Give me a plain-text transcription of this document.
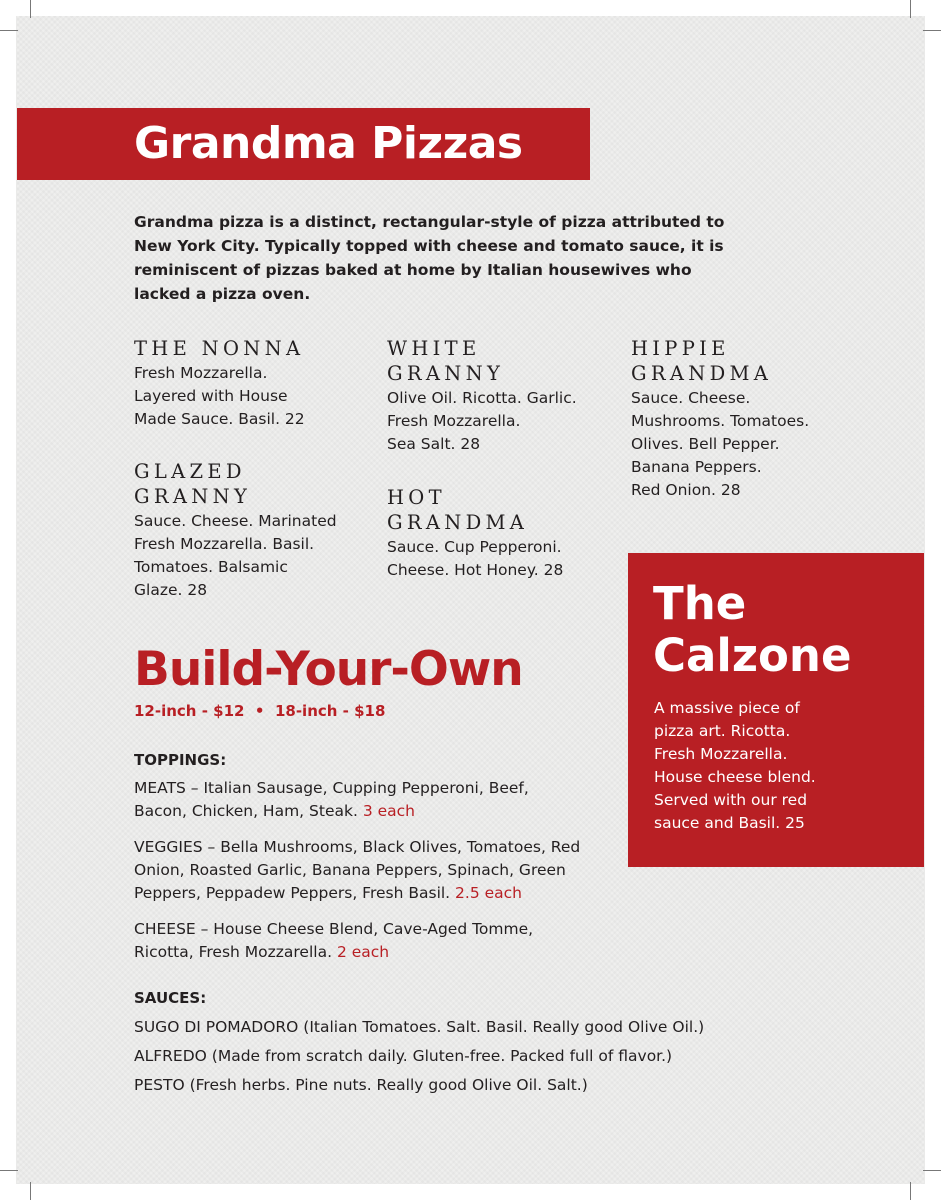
Grandma Pizzas

Grandma pizza is a distinct, rectangular-style of pizza attributed to New York City. Typically topped with cheese and tomato sauce, it is reminiscent of pizzas baked at home by Italian housewives who lacked a pizza oven.

THE NONNA
Fresh Mozzarella.
Layered with House
Made Sauce. Basil. 22
GLAZED
GRANNY
Sauce. Cheese. Marinated
Fresh Mozzarella. Basil.
Tomatoes. Balsamic
Glaze. 28
WHITE
GRANNY
Olive Oil. Ricotta. Garlic.
Fresh Mozzarella.
Sea Salt. 28
HOT
GRANDMA
Sauce. Cup Pepperoni.
Cheese. Hot Honey. 28
HIPPIE
GRANDMA
Sauce. Cheese.
Mushrooms. Tomatoes.
Olives. Bell Pepper.
Banana Peppers.
Red Onion. 28
Build-Your-Own
12-inch - $12  •  18-inch - $18
TOPPINGS:
MEATS – Italian Sausage, Cupping Pepperoni, Beef, Bacon, Chicken, Ham, Steak. 3 each
VEGGIES – Bella Mushrooms, Black Olives, Tomatoes, Red Onion, Roasted Garlic, Banana Peppers, Spinach, Green Peppers, Peppadew Peppers, Fresh Basil. 2.5 each
CHEESE – House Cheese Blend, Cave-Aged Tomme, Ricotta, Fresh Mozzarella. 2 each
SAUCES:
SUGO DI POMADORO (Italian Tomatoes. Salt. Basil. Really good Olive Oil.)
ALFREDO (Made from scratch daily. Gluten-free. Packed full of flavor.)
PESTO (Fresh herbs. Pine nuts. Really good Olive Oil. Salt.)
The
Calzone
A massive piece of
pizza art. Ricotta.
Fresh Mozzarella.
House cheese blend.
Served with our red
sauce and Basil. 25
